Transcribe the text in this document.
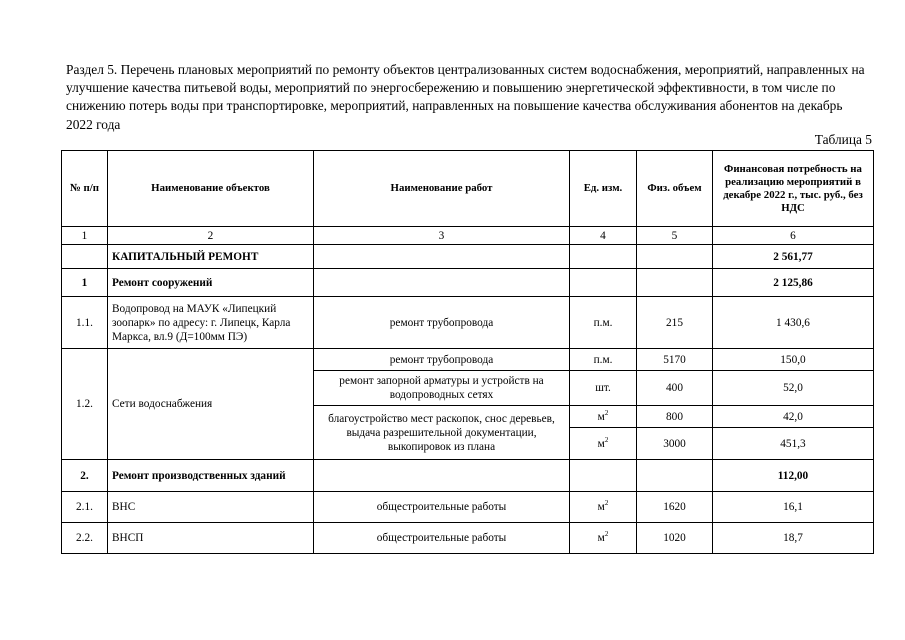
Раздел 5. Перечень плановых мероприятий по ремонту объектов централизованных систем водоснабжения, мероприятий, направленных на улучшение качества питьевой воды, мероприятий по энергосбережению и повышению энергетической эффективности, в том числе по снижению потерь воды при транспортировке, мероприятий, направленных на повышение качества обслуживания абонентов на декабрь 2022 года
Таблица 5
№ п/п	Наименование объектов	Наименование работ	Ед. изм.	Физ. объем	Финансовая потребность на реализацию мероприятий в декабре 2022 г., тыс. руб., без НДС
1	2	3	4	5	6
	КАПИТАЛЬНЫЙ РЕМОНТ				2 561,77
1	Ремонт сооружений				2 125,86
1.1.	Водопровод на МАУК «Липецкий зоопарк» по адресу: г. Липецк, Карла Маркса, вл.9 (Д=100мм ПЭ)	ремонт трубопровода	п.м.	215	1 430,6
1.2.	Сети водоснабжения	ремонт трубопровода	п.м.	5170	150,0
		ремонт запорной арматуры и устройств на водопроводных сетях	шт.	400	52,0
		благоустройство мест раскопок, снос деревьев, выдача разрешительной документации, выкопировок из плана	$м^2$	800	42,0
			$м^2$	3000	451,3
2.	Ремонт производственных зданий				112,00
2.1.	ВНС	общестроительные работы	$м^2$	1620	16,1
2.2.	ВНСП	общестроительные работы	$м^2$	1020	18,7
